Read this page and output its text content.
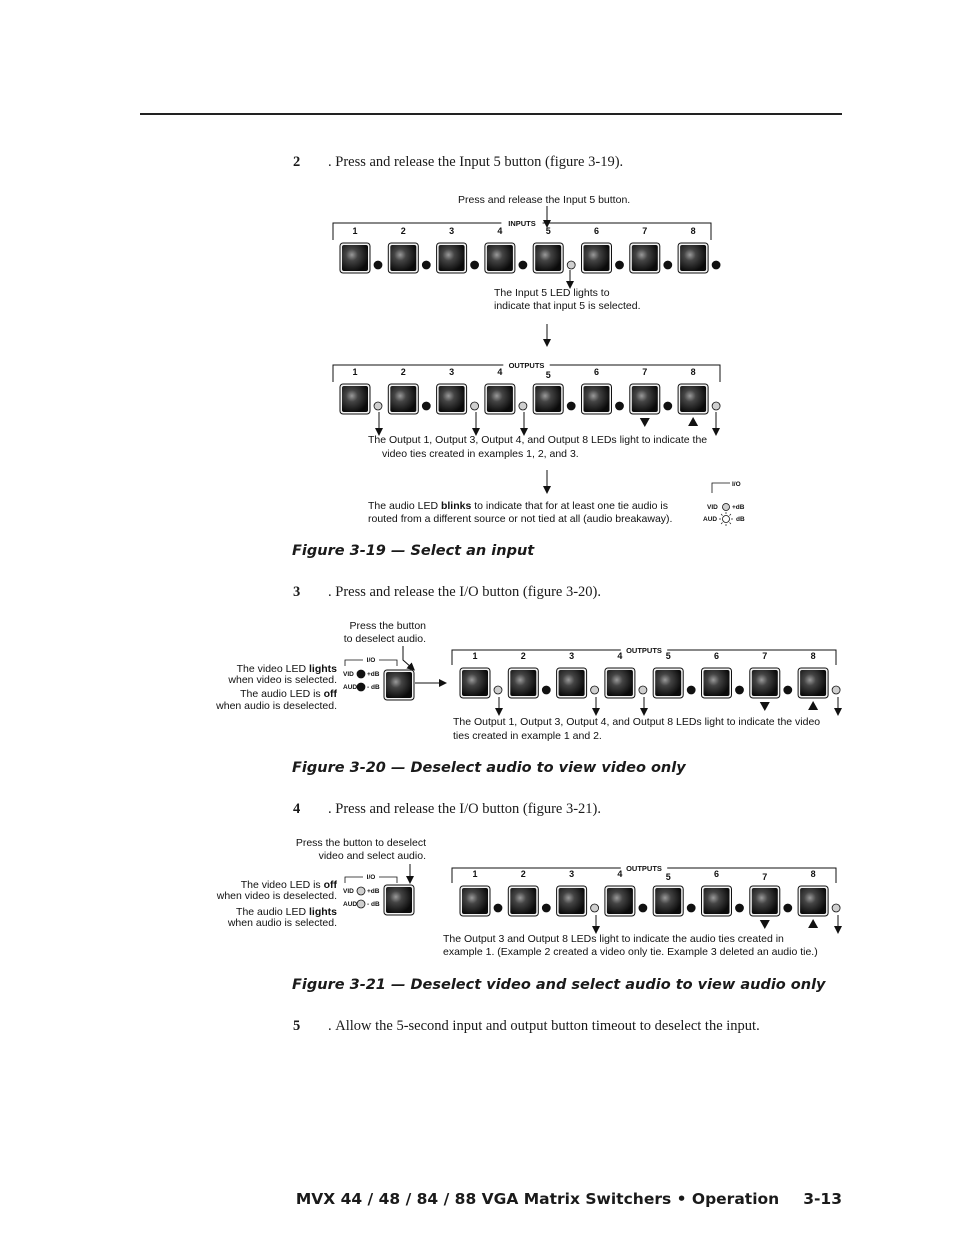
2 . Press and release the Input 5 button (figure 3-19).
Press and release the Input 5 button.
INPUTS
1	2	3	4	5	6	7	8
The Input 5 LED lights to
indicate that input 5 is selected.
OUTPUTS
1	2	3	4	5	6	7	8
The Output 1, Output 3, Output 4, and Output 8 LEDs light to indicate the
video ties created in examples 1, 2, and 3.
The audio LED blinks to indicate that for at least one tie audio is
routed from a different source or not tied at all (audio breakaway).
I/O
VID +dB
AUD	dB
Press the button
to deselect audio.
I/O
VID +dB
AUD - dB
The video LED lights
when video is selected.
The audio LED is off
when audio is deselected.
OUTPUTS
1	2	3	4	5	6	7	8
The Output 1, Output 3, Output 4, and Output 8 LEDs light to indicate the video
ties created in example 1 and 2.
Press the button to deselect
video and select audio.
I/O
VID +dB
AUD - dB
The video LED is off
when video is deselected.
The audio LED lights
when audio is selected.
OUTPUTS
1	2	3	4	5	6	7	8
The Output 3 and Output 8 LEDs light to indicate the audio ties created in
example 1. (Example 2 created a video only tie. Example 3 deleted an audio tie.)
Figure 3-19 — Select an input
3 . Press and release the I/O button (figure 3-20).
Figure 3-20 — Deselect audio to view video only
4 . Press and release the I/O button (figure 3-21).
Figure 3-21 — Deselect video and select audio to view audio only
5 . Allow the 5-second input and output button timeout to deselect the input.
MVX 44 / 48 / 84 / 88 VGA Matrix Switchers • Operation 3-13
